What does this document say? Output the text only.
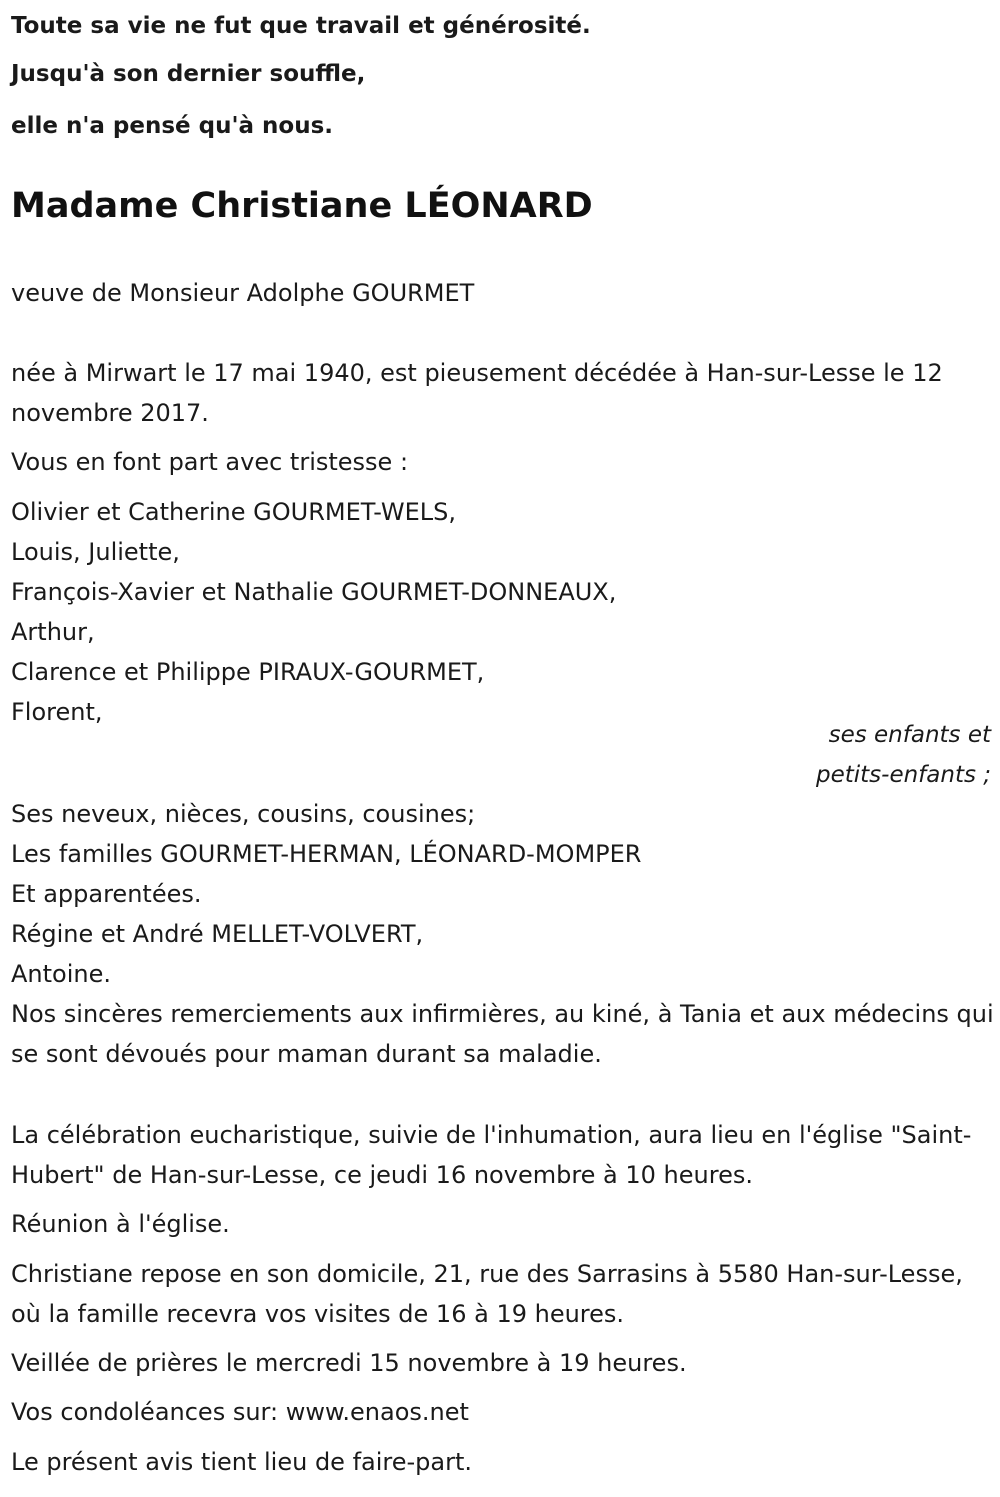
Toute sa vie ne fut que travail et générosité.
Jusqu'à son dernier souffle,
elle n'a pensé qu'à nous.
Madame Christiane LÉONARD
veuve de Monsieur Adolphe GOURMET
née à Mirwart le 17 mai 1940, est pieusement décédée à Han-sur-Lesse le 12 novembre 2017.
Vous en font part avec tristesse :
Olivier et Catherine GOURMET-WELS,
Louis, Juliette,
François-Xavier et Nathalie GOURMET-DONNEAUX,
Arthur,
Clarence et Philippe PIRAUX-GOURMET,
Florent,
ses enfants et
petits-enfants ;
Ses neveux, nièces, cousins, cousines;
Les familles GOURMET-HERMAN, LÉONARD-MOMPER
Et apparentées.
Régine et André MELLET-VOLVERT,
Antoine.
Nos sincères remerciements aux infirmières, au kiné, à Tania et aux médecins qui se sont dévoués pour maman durant sa maladie.
La célébration eucharistique, suivie de l'inhumation, aura lieu en l'église "Saint-Hubert" de Han-sur-Lesse, ce jeudi 16 novembre à 10 heures.
Réunion à l'église.
Christiane repose en son domicile, 21, rue des Sarrasins à 5580 Han-sur-Lesse, où la famille recevra vos visites de 16 à 19 heures.
Veillée de prières le mercredi 15 novembre à 19 heures.
Vos condoléances sur: www.enaos.net
Le présent avis tient lieu de faire-part.
